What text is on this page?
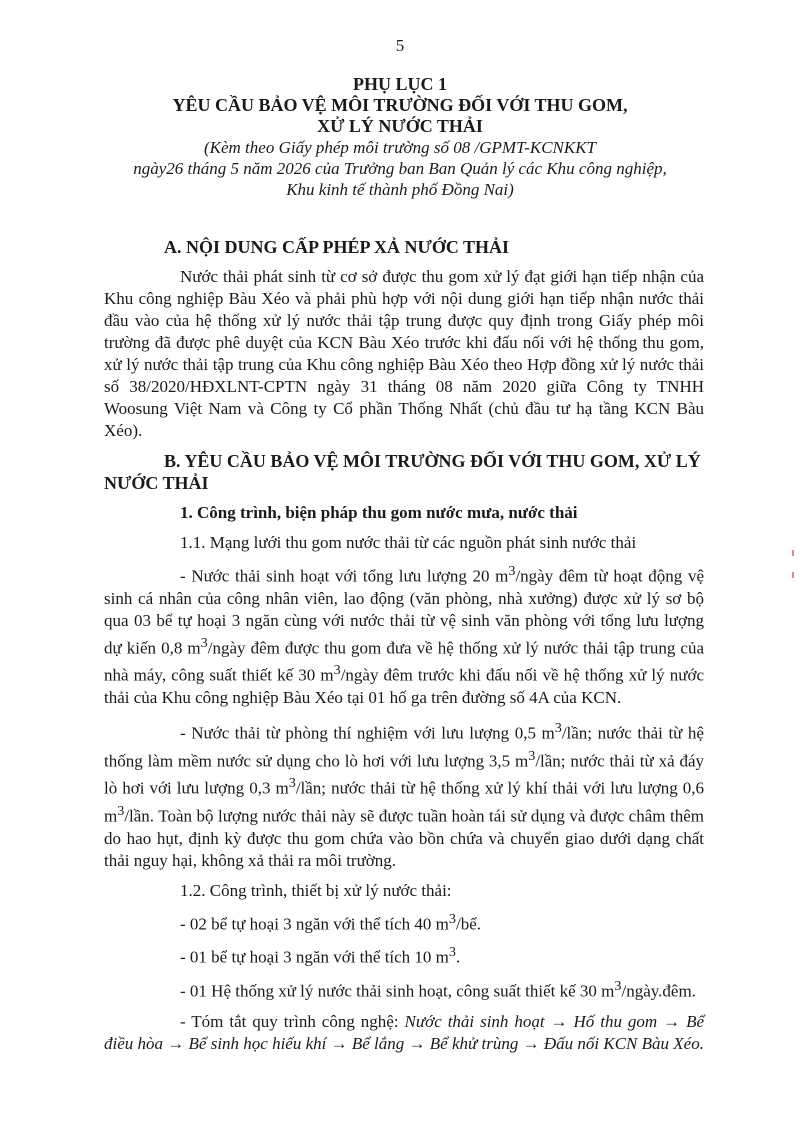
5
PHỤ LỤC 1
YÊU CẦU BẢO VỆ MÔI TRƯỜNG ĐỐI VỚI THU GOM,
XỬ LÝ NƯỚC THẢI
(Kèm theo Giấy phép môi trường số 08 /GPMT-KCNKKT
ngày26 tháng 5 năm 2026 của Trưởng ban Ban Quản lý các Khu công nghiệp,
Khu kinh tế thành phố Đồng Nai)
A. NỘI DUNG CẤP PHÉP XẢ NƯỚC THẢI

Nước thải phát sinh từ cơ sở được thu gom xử lý đạt giới hạn tiếp nhận của Khu công nghiệp Bàu Xéo và phải phù hợp với nội dung giới hạn tiếp nhận nước thải đầu vào của hệ thống xử lý nước thải tập trung được quy định trong Giấy phép môi trường đã được phê duyệt của KCN Bàu Xéo trước khi đấu nối với hệ thống thu gom, xử lý nước thải tập trung của Khu công nghiệp Bàu Xéo theo Hợp đồng xử lý nước thải số 38/2020/HĐXLNT-CPTN ngày 31 tháng 08 năm 2020 giữa Công ty TNHH Woosung Việt Nam và Công ty Cổ phần Thống Nhất (chủ đầu tư hạ tầng KCN Bàu Xéo).

B. YÊU CẦU BẢO VỆ MÔI TRƯỜNG ĐỐI VỚI THU GOM, XỬ LÝ NƯỚC THẢI
1. Công trình, biện pháp thu gom nước mưa, nước thải
1.1. Mạng lưới thu gom nước thải từ các nguồn phát sinh nước thải

- Nước thải sinh hoạt với tổng lưu lượng 20 $m^3$/ngày đêm từ hoạt động vệ sinh cá nhân của công nhân viên, lao động (văn phòng, nhà xưởng) được xử lý sơ bộ qua 03 bể tự hoại 3 ngăn cùng với nước thải từ vệ sinh văn phòng với tổng lưu lượng dự kiến 0,8 $m^3$/ngày đêm được thu gom đưa về hệ thống xử lý nước thải tập trung của nhà máy, công suất thiết kế 30 $m^3$/ngày đêm trước khi đấu nối về hệ thống xử lý nước thải của Khu công nghiệp Bàu Xéo tại 01 hố ga trên đường số 4A của KCN.

- Nước thải từ phòng thí nghiệm với lưu lượng 0,5 $m^3$/lần; nước thải từ hệ thống làm mềm nước sử dụng cho lò hơi với lưu lượng 3,5 $m^3$/lần; nước thải từ xả đáy lò hơi với lưu lượng 0,3 $m^3$/lần; nước thải từ hệ thống xử lý khí thải với lưu lượng 0,6 $m^3$/lần. Toàn bộ lượng nước thải này sẽ được tuần hoàn tái sử dụng và được châm thêm do hao hụt, định kỳ được thu gom chứa vào bồn chứa và chuyển giao dưới dạng chất thải nguy hại, không xả thải ra môi trường.

1.2. Công trình, thiết bị xử lý nước thải:
- 02 bể tự hoại 3 ngăn với thể tích 40 $m^3/bể$.
- 01 bể tự hoại 3 ngăn với thể tích 10 $m^3$.

- 01 Hệ thống xử lý nước thải sinh hoạt, công suất thiết kế 30 $m^3/ngày.đêm$.

- Tóm tắt quy trình công nghệ: Nước thải sinh hoạt → Hố thu gom → Bể điều hòa → Bể sinh học hiếu khí → Bể lắng → Bể khử trùng → Đấu nối KCN Bàu Xéo.
